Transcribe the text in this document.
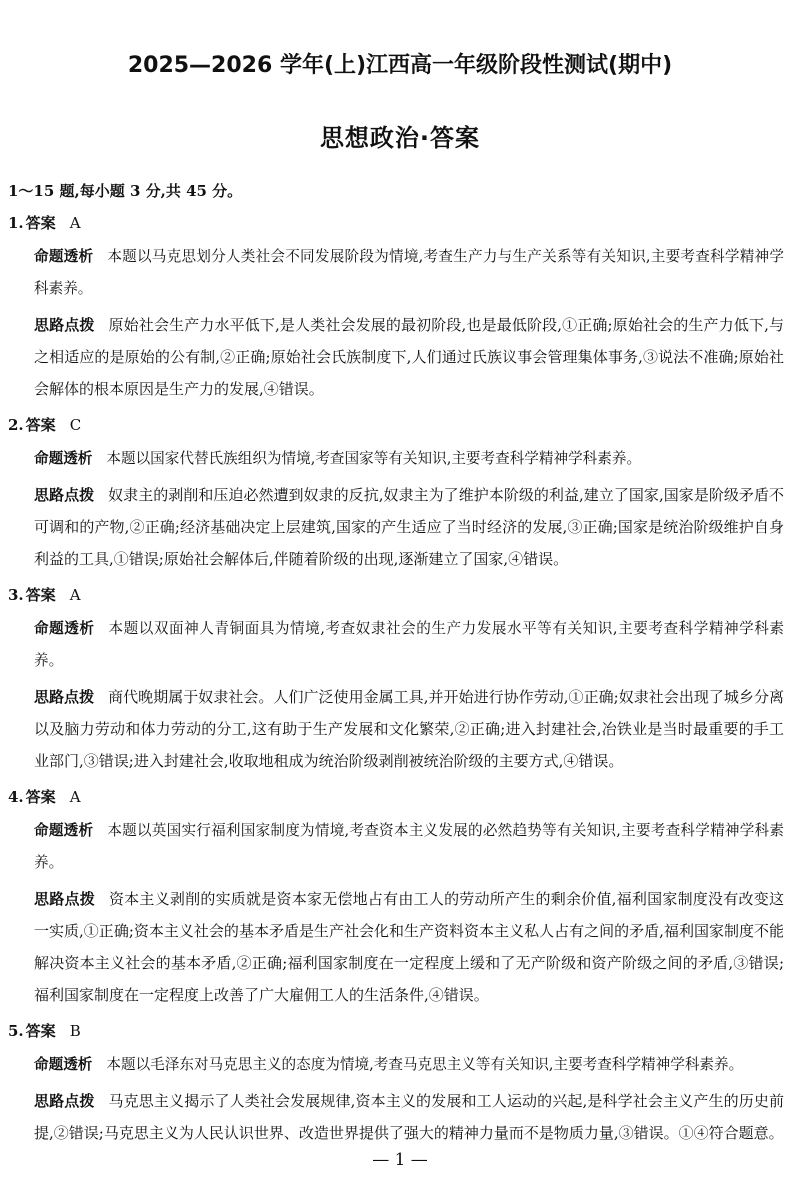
2025—2026 学年(上)江西高一年级阶段性测试(期中)
思想政治·答案
1～15 题,每小题 3 分,共 45 分。
1. 答案 A
命题透析 本题以马克思划分人类社会不同发展阶段为情境,考查生产力与生产关系等有关知识,主要考查科学精神学科素养。
思路点拨 原始社会生产力水平低下,是人类社会发展的最初阶段,也是最低阶段,①正确;原始社会的生产力低下,与之相适应的是原始的公有制,②正确;原始社会氏族制度下,人们通过氏族议事会管理集体事务,③说法不准确;原始社会解体的根本原因是生产力的发展,④错误。
2. 答案 C
命题透析 本题以国家代替氏族组织为情境,考查国家等有关知识,主要考查科学精神学科素养。
思路点拨 奴隶主的剥削和压迫必然遭到奴隶的反抗,奴隶主为了维护本阶级的利益,建立了国家,国家是阶级矛盾不可调和的产物,②正确;经济基础决定上层建筑,国家的产生适应了当时经济的发展,③正确;国家是统治阶级维护自身利益的工具,①错误;原始社会解体后,伴随着阶级的出现,逐渐建立了国家,④错误。
3. 答案 A
命题透析 本题以双面神人青铜面具为情境,考查奴隶社会的生产力发展水平等有关知识,主要考查科学精神学科素养。
思路点拨 商代晚期属于奴隶社会。人们广泛使用金属工具,并开始进行协作劳动,①正确;奴隶社会出现了城乡分离以及脑力劳动和体力劳动的分工,这有助于生产发展和文化繁荣,②正确;进入封建社会,冶铁业是当时最重要的手工业部门,③错误;进入封建社会,收取地租成为统治阶级剥削被统治阶级的主要方式,④错误。
4. 答案 A
命题透析 本题以英国实行福利国家制度为情境,考查资本主义发展的必然趋势等有关知识,主要考查科学精神学科素养。
思路点拨 资本主义剥削的实质就是资本家无偿地占有由工人的劳动所产生的剩余价值,福利国家制度没有改变这一实质,①正确;资本主义社会的基本矛盾是生产社会化和生产资料资本主义私人占有之间的矛盾,福利国家制度不能解决资本主义社会的基本矛盾,②正确;福利国家制度在一定程度上缓和了无产阶级和资产阶级之间的矛盾,③错误;福利国家制度在一定程度上改善了广大雇佣工人的生活条件,④错误。
5. 答案 B
命题透析 本题以毛泽东对马克思主义的态度为情境,考查马克思主义等有关知识,主要考查科学精神学科素养。
思路点拨 马克思主义揭示了人类社会发展规律,资本主义的发展和工人运动的兴起,是科学社会主义产生的历史前提,②错误;马克思主义为人民认识世界、改造世界提供了强大的精神力量而不是物质力量,③错误。①④符合题意。
— 1 —
